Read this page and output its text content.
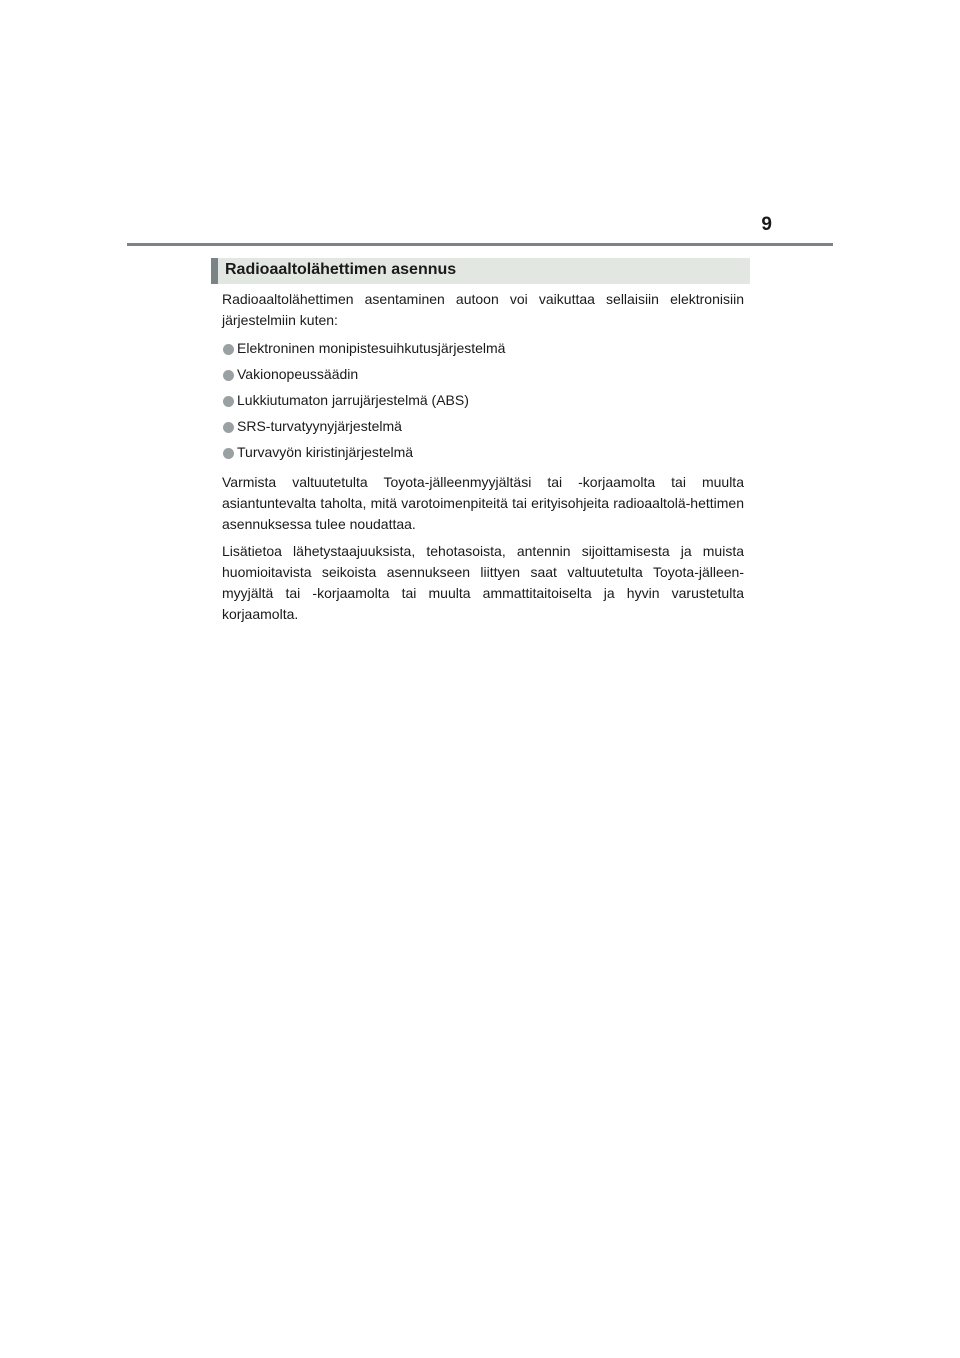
9
Radioaaltolähettimen asennus

Radioaaltolähettimen asentaminen autoon voi vaikuttaa sellaisiin elektronisiin järjestelmiin kuten:

Elektroninen monipistesuihkutusjärjestelmä
Vakionopeussäädin
Lukkiutumaton jarrujärjestelmä (ABS)
SRS-turvatyynyjärjestelmä
Turvavyön kiristinjärjestelmä

Varmista valtuutetulta Toyota-jälleenmyyjältäsi tai -korjaamolta tai muulta asiantuntevalta taholta, mitä varotoimenpiteitä tai erityisohjeita radioaaltolä-hettimen asennuksessa tulee noudattaa.

Lisätietoa lähetystaajuuksista, tehotasoista, antennin sijoittamisesta ja muista huomioitavista seikoista asennukseen liittyen saat valtuutetulta Toyota-jälleen-myyjältä tai -korjaamolta tai muulta ammattitaitoiselta ja hyvin varustetulta korjaamolta.
